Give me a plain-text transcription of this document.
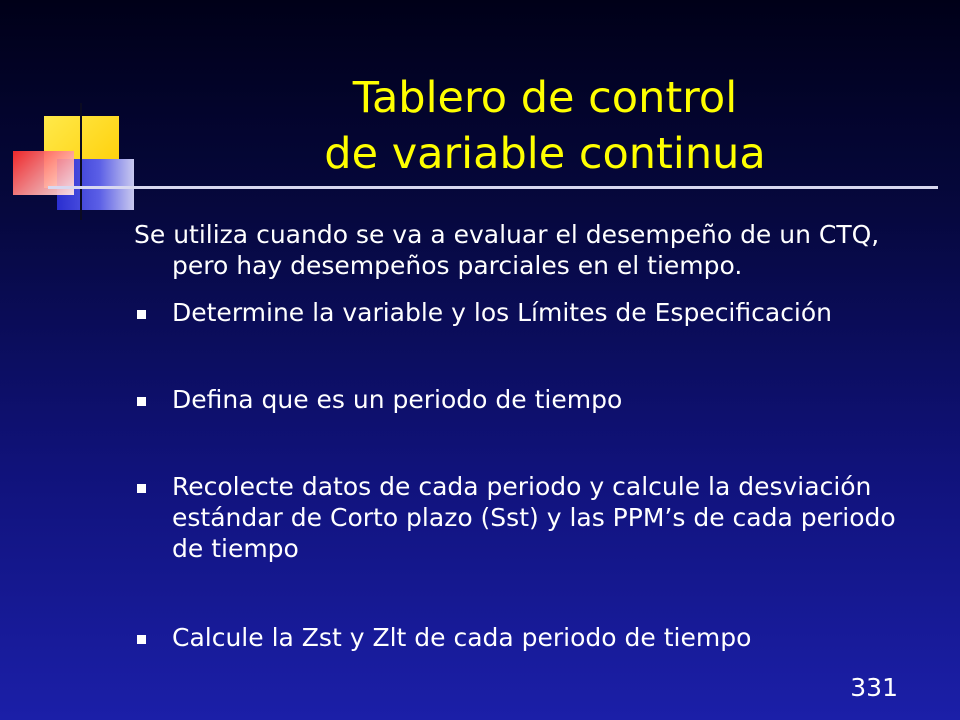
Tablero de control
de variable continua
Se utiliza cuando se va a evaluar el desempeño de un CTQ, pero hay desempeños parciales en el tiempo.
Determine la variable y los Límites de Especificación
Defina que es un periodo de tiempo
Recolecte datos de cada periodo y calcule la desviación estándar de Corto plazo (Sst) y las PPM’s de cada periodo de tiempo
Calcule la Zst y Zlt de cada periodo de tiempo
331
